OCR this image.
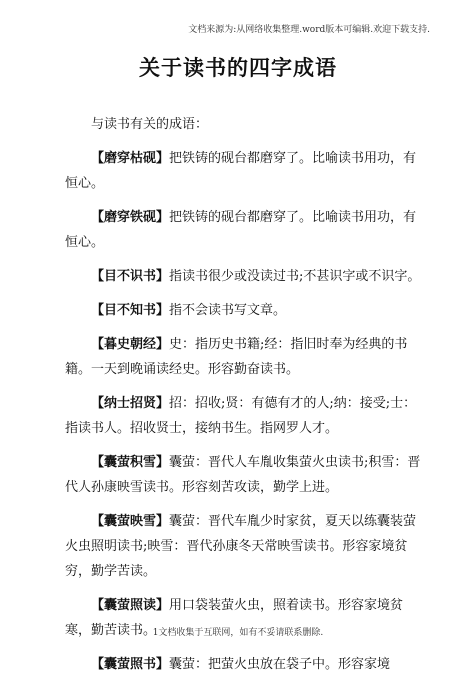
文档来源为:从网络收集整理.word版本可编辑.欢迎下载支持.
关于读书的四字成语

与读书有关的成语：

【磨穿枯砚】把铁铸的砚台都磨穿了。比喻读书用功，有恒心。

【磨穿铁砚】把铁铸的砚台都磨穿了。比喻读书用功，有恒心。

【目不识书】指读书很少或没读过书;不甚识字或不识字。

【目不知书】指不会读书写文章。

【暮史朝经】史：指历史书籍;经：指旧时奉为经典的书籍。一天到晚诵读经史。形容勤奋读书。

【纳士招贤】招：招收;贤：有德有才的人;纳：接受;士：指读书人。招收贤士，接纳书生。指网罗人才。

【囊萤积雪】囊萤：晋代人车胤收集萤火虫读书;积雪：晋代人孙康映雪读书。形容刻苦攻读，勤学上进。

【囊萤映雪】囊萤：晋代车胤少时家贫，夏天以练囊装萤火虫照明读书;映雪：晋代孙康冬天常映雪读书。形容家境贫穷，勤学苦读。

【囊萤照读】用口袋装萤火虫，照着读书。形容家境贫寒，勤苦读书。

【囊萤照书】囊萤：把萤火虫放在袋子中。形容家境

1文档收集于互联网，如有不妥请联系删除.
